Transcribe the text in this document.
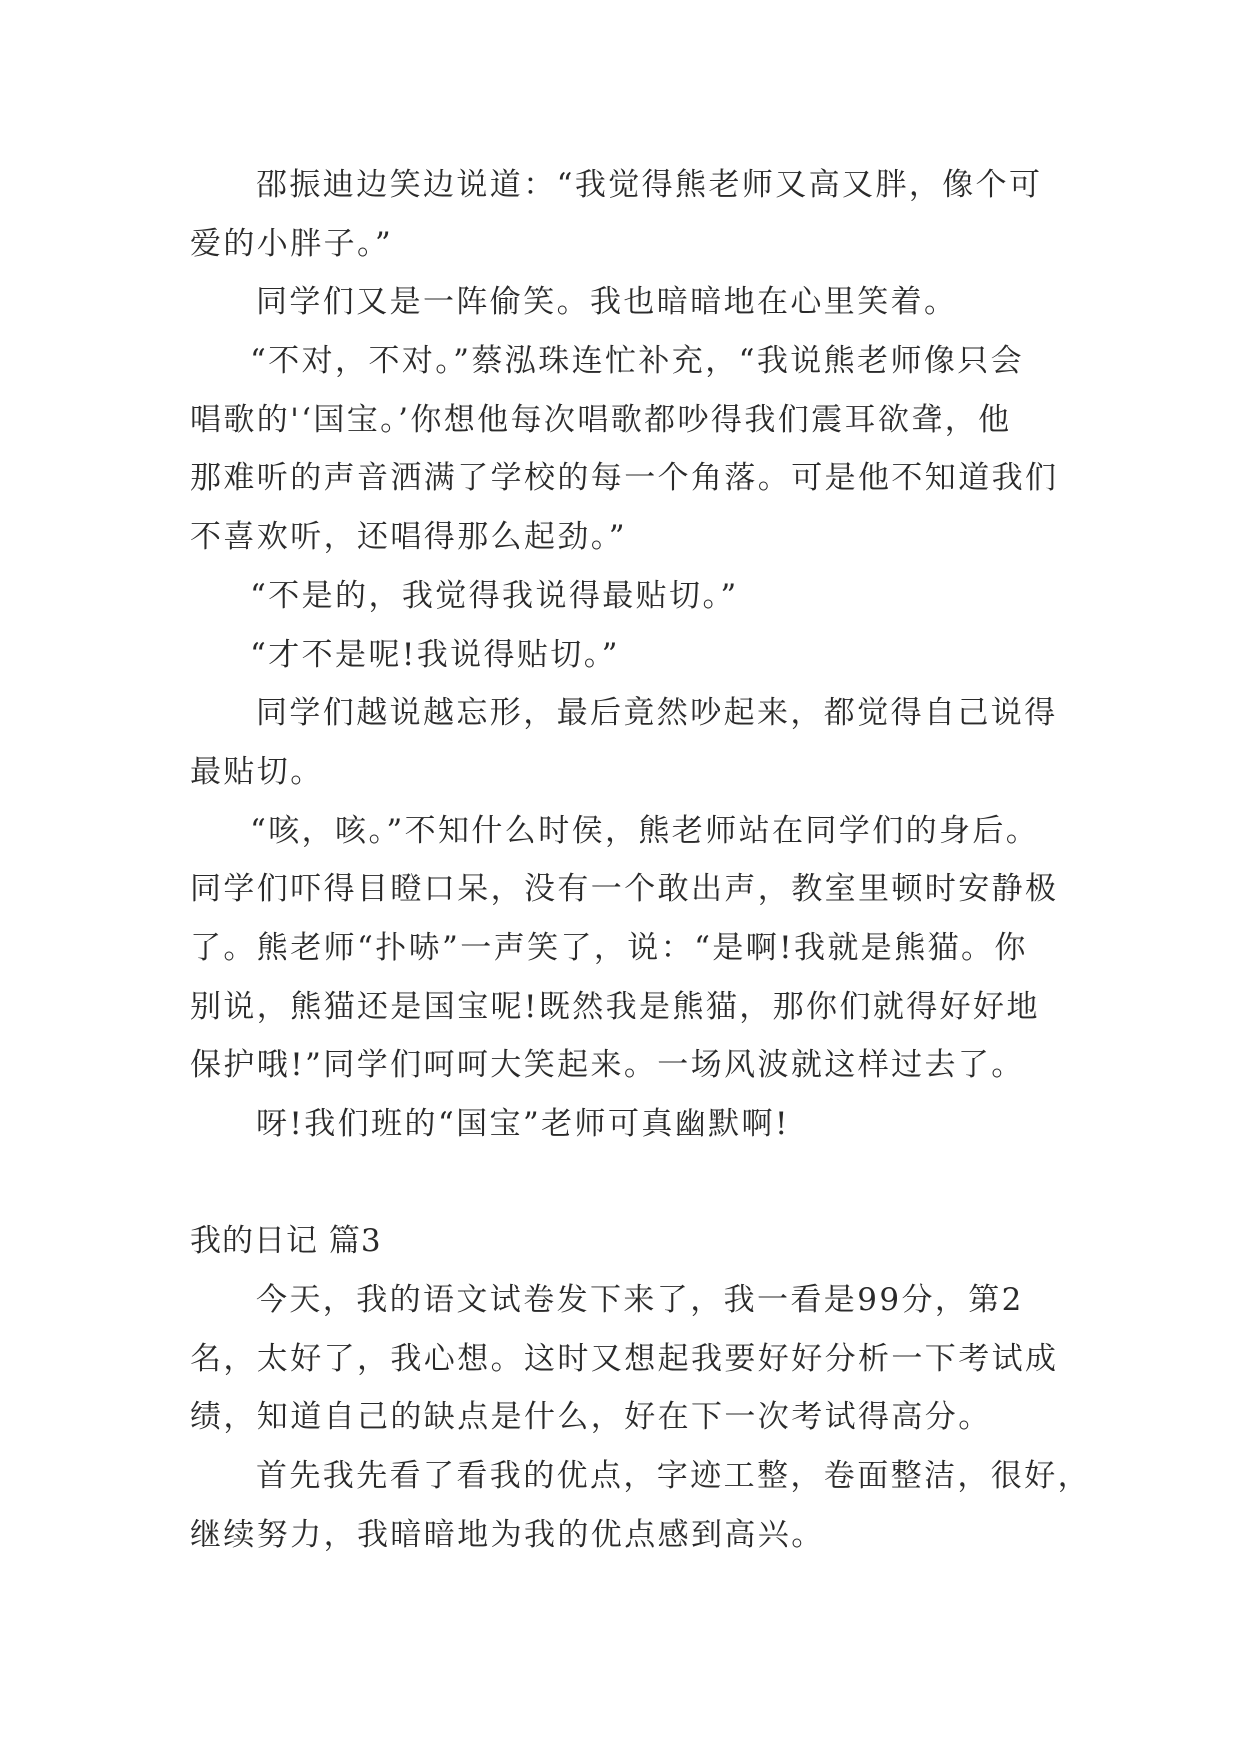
邵振迪边笑边说道：“我觉得熊老师又高又胖，像个可
爱的小胖子。”
同学们又是一阵偷笑。我也暗暗地在心里笑着。
“不对，不对。”蔡泓珠连忙补充，“我说熊老师像只会
唱歌的'‘国宝。’你想他每次唱歌都吵得我们震耳欲聋，他
那难听的声音洒满了学校的每一个角落。可是他不知道我们
不喜欢听，还唱得那么起劲。”
“不是的，我觉得我说得最贴切。”
“才不是呢!我说得贴切。”
同学们越说越忘形，最后竟然吵起来，都觉得自己说得
最贴切。
“咳，咳。”不知什么时侯，熊老师站在同学们的身后。
同学们吓得目瞪口呆，没有一个敢出声，教室里顿时安静极
了。熊老师“扑哧”一声笑了，说：“是啊!我就是熊猫。你
别说，熊猫还是国宝呢!既然我是熊猫，那你们就得好好地
保护哦!”同学们呵呵大笑起来。一场风波就这样过去了。
呀!我们班的“国宝”老师可真幽默啊!
我的日记 篇3
今天，我的语文试卷发下来了，我一看是99分，第2
名，太好了，我心想。这时又想起我要好好分析一下考试成
绩，知道自己的缺点是什么，好在下一次考试得高分。
首先我先看了看我的优点，字迹工整，卷面整洁，很好，
继续努力，我暗暗地为我的优点感到高兴。
